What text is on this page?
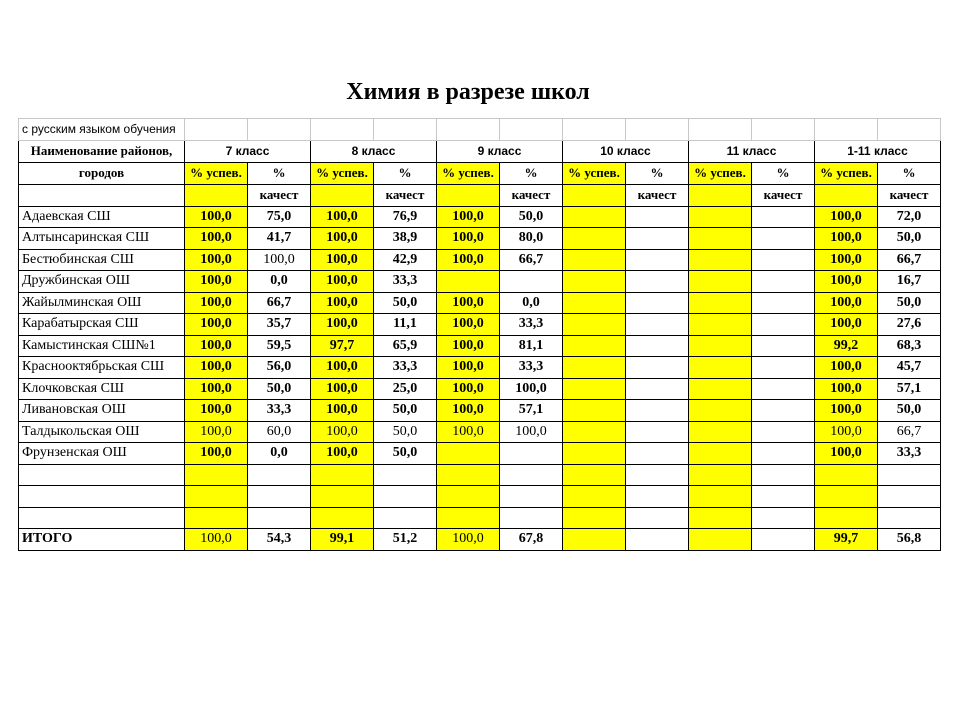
Химия в разрезе школ
с русским языком обучения												
Наименование районов,	7 класс		8 класс		9 класс		10 класс		11 класс		1-11 класс	
городов	% успев.	%	% успев.	%	% успев.	%	% успев.	%	% успев.	%	% успев.	%
		качест		качест		качест		качест		качест		качест
Адаевская СШ	100,0	75,0	100,0	76,9	100,0	50,0					100,0	72,0
Алтынсаринская СШ	100,0	41,7	100,0	38,9	100,0	80,0					100,0	50,0
Бестюбинская СШ	100,0	100,0	100,0	42,9	100,0	66,7					100,0	66,7
Дружбинская ОШ	100,0	0,0	100,0	33,3							100,0	16,7
Жайылминская ОШ	100,0	66,7	100,0	50,0	100,0	0,0					100,0	50,0
Карабатырская СШ	100,0	35,7	100,0	11,1	100,0	33,3					100,0	27,6
Камыстинская СШ№1	100,0	59,5	97,7	65,9	100,0	81,1					99,2	68,3
Краснооктябрьская СШ	100,0	56,0	100,0	33,3	100,0	33,3					100,0	45,7
Клочковская СШ	100,0	50,0	100,0	25,0	100,0	100,0					100,0	57,1
Ливановская ОШ	100,0	33,3	100,0	50,0	100,0	57,1					100,0	50,0
Талдыкольская ОШ	100,0	60,0	100,0	50,0	100,0	100,0					100,0	66,7
Фрунзенская ОШ	100,0	0,0	100,0	50,0							100,0	33,3

ИТОГО	100,0	54,3	99,1	51,2	100,0	67,8					99,7	56,8
